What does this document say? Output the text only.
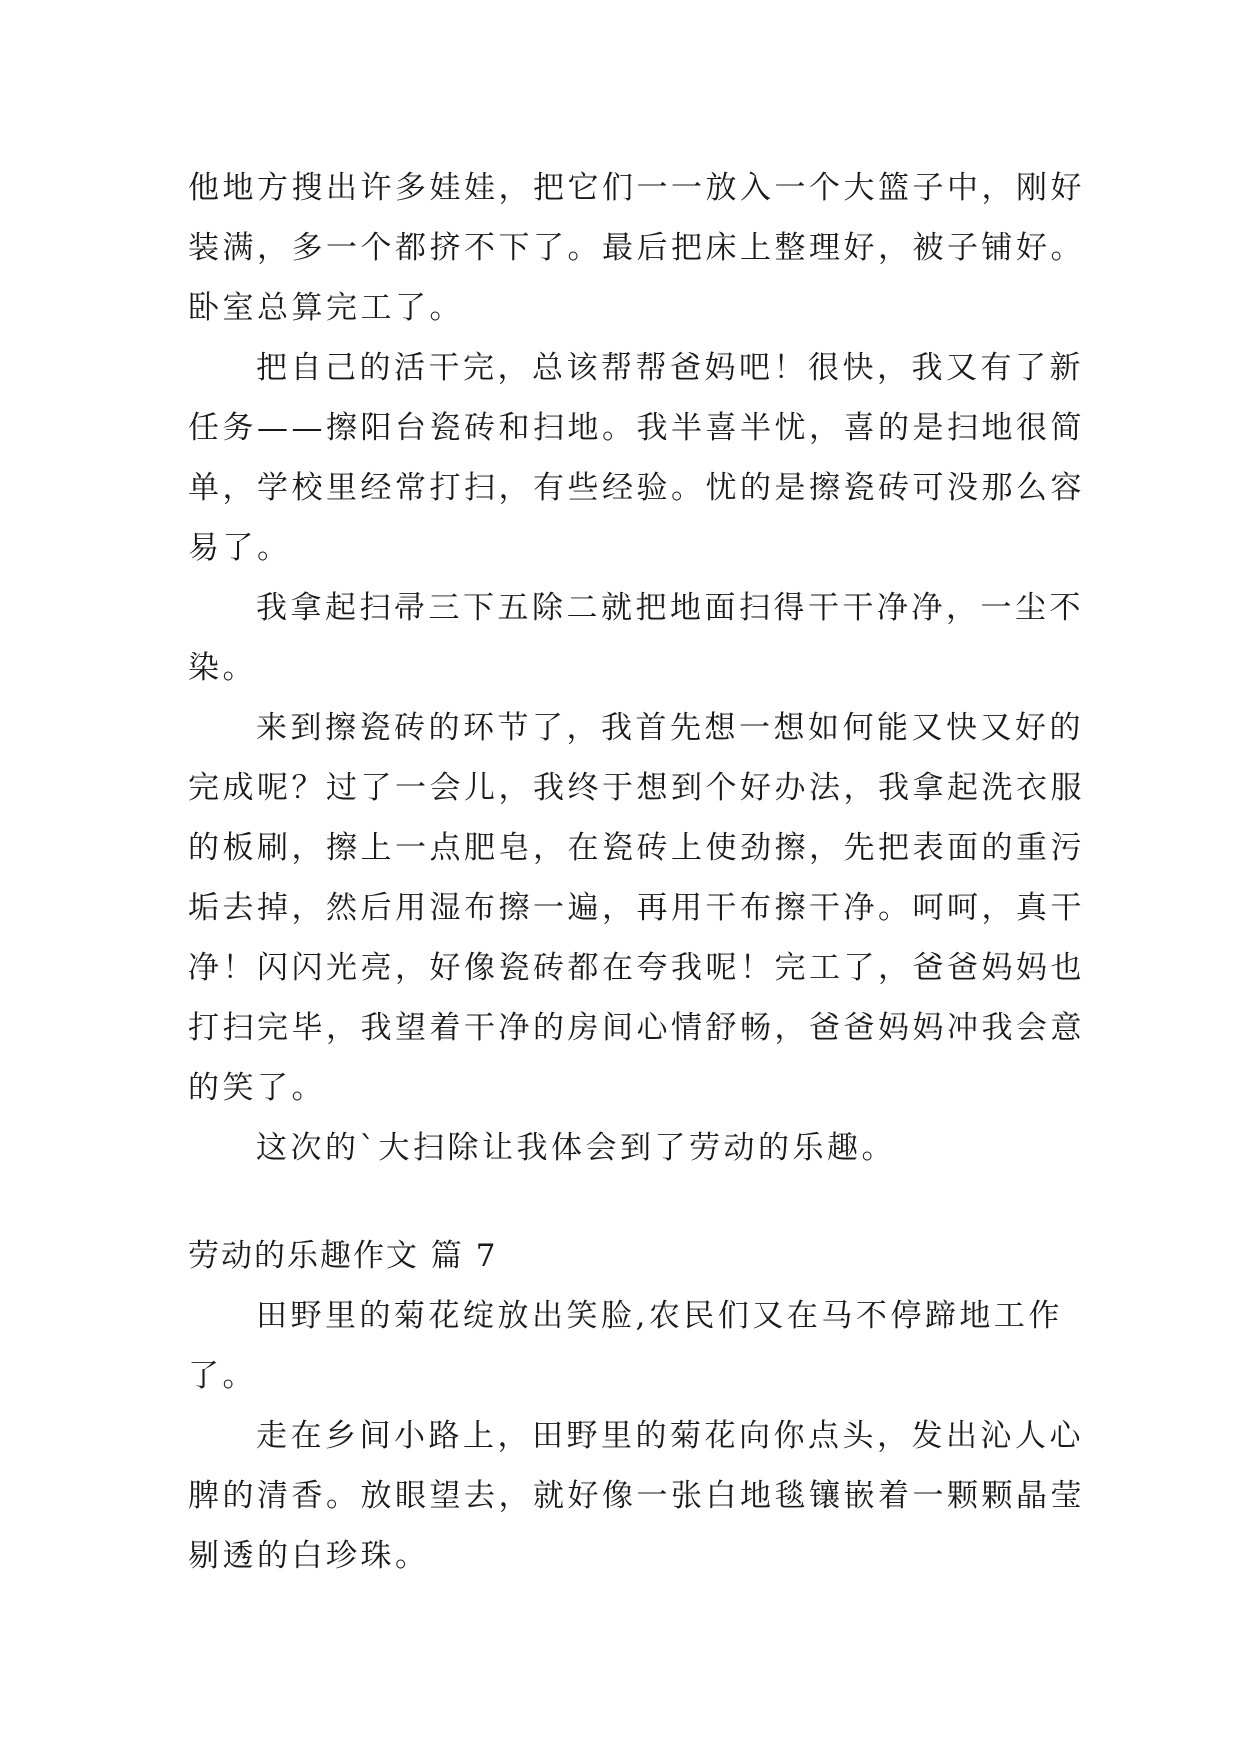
他地方搜出许多娃娃，把它们一一放入一个大篮子中，刚好
装满，多一个都挤不下了。最后把床上整理好，被子铺好。
卧室总算完工了。

把自己的活干完，总该帮帮爸妈吧！很快，我又有了新
任务——擦阳台瓷砖和扫地。我半喜半忧，喜的是扫地很简
单，学校里经常打扫，有些经验。忧的是擦瓷砖可没那么容
易了。

我拿起扫帚三下五除二就把地面扫得干干净净，一尘不
染。

来到擦瓷砖的环节了，我首先想一想如何能又快又好的
完成呢？过了一会儿，我终于想到个好办法，我拿起洗衣服
的板刷，擦上一点肥皂，在瓷砖上使劲擦，先把表面的重污
垢去掉，然后用湿布擦一遍，再用干布擦干净。呵呵，真干
净！闪闪光亮，好像瓷砖都在夸我呢！完工了，爸爸妈妈也
打扫完毕，我望着干净的房间心情舒畅，爸爸妈妈冲我会意
的笑了。

这次的`大扫除让我体会到了劳动的乐趣。

劳动的乐趣作文 篇 7

田野里的菊花绽放出笑脸,农民们又在马不停蹄地工作
了。

走在乡间小路上，田野里的菊花向你点头，发出沁人心
脾的清香。放眼望去，就好像一张白地毯镶嵌着一颗颗晶莹
剔透的白珍珠。
